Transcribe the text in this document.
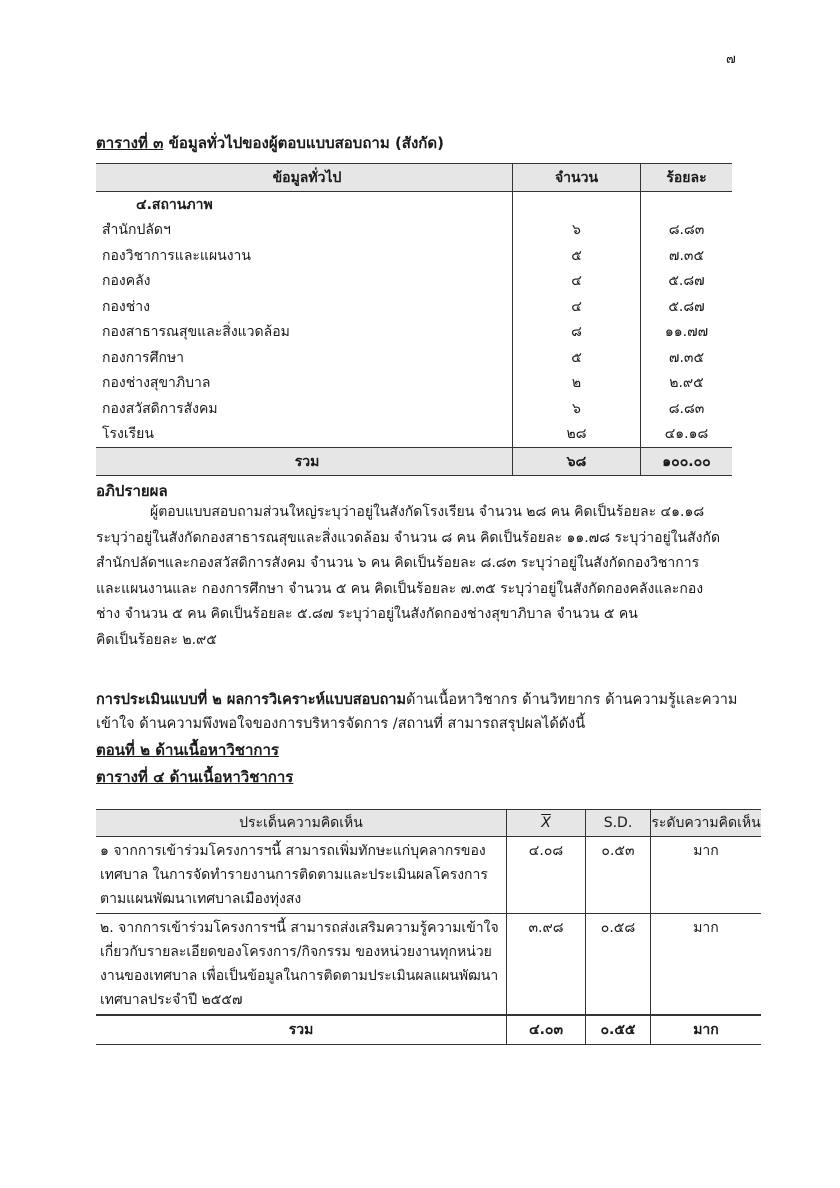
๗
ตารางที่ ๓ ข้อมูลทั่วไปของผู้ตอบแบบสอบถาม (สังกัด)
ข้อมูลทั่วไป	จำนวน	ร้อยละ
๔.สถานภาพ		
สำนักปลัดฯ	๖	๘.๘๓
กองวิชาการและแผนงาน	๕	๗.๓๕
กองคลัง	๔	๕.๘๗
กองช่าง	๔	๕.๘๗
กองสาธารณสุขและสิ่งแวดล้อม	๘	๑๑.๗๗
กองการศึกษา	๕	๗.๓๕
กองช่างสุขาภิบาล	๒	๒.๙๕
กองสวัสดิการสังคม	๖	๘.๘๓
โรงเรียน	๒๘	๔๑.๑๘
รวม	๖๘	๑๐๐.๐๐
อภิปรายผล
ผู้ตอบแบบสอบถามส่วนใหญ่ระบุว่าอยู่ในสังกัดโรงเรียน จำนวน ๒๘ คน คิดเป็นร้อยละ ๔๑.๑๘
ระบุว่าอยู่ในสังกัดกองสาธารณสุขและสิ่งแวดล้อม จำนวน ๘ คน คิดเป็นร้อยละ ๑๑.๗๘ ระบุว่าอยู่ในสังกัด
สำนักปลัดฯและกองสวัสดิการสังคม จำนวน ๖ คน คิดเป็นร้อยละ ๘.๘๓ ระบุว่าอยู่ในสังกัดกองวิชาการ
และแผนงานและ กองการศึกษา จำนวน ๕ คน คิดเป็นร้อยละ ๗.๓๕ ระบุว่าอยู่ในสังกัดกองคลังและกอง
ช่าง จำนวน ๕ คน คิดเป็นร้อยละ ๕.๘๗ ระบุว่าอยู่ในสังกัดกองช่างสุขาภิบาล จำนวน ๕ คน
คิดเป็นร้อยละ ๒.๙๕

การประเมินแบบที่ ๒ ผลการวิเคราะห์แบบสอบถามด้านเนื้อหาวิชากร ด้านวิทยากร ด้านความรู้และความเข้าใจ ด้านความพึงพอใจของการบริหารจัดการ /สถานที่ สามารถสรุปผลได้ดังนี้

ตอนที่ ๒ ด้านเนื้อหาวิชาการ
ตารางที่ ๔ ด้านเนื้อหาวิชาการ
ประเด็นความคิดเห็น	$\overline{X}$	S.D.	ระดับความคิดเห็น
๑ จากการเข้าร่วมโครงการฯนี้ สามารถเพิ่มทักษะแก่บุคลากรของเทศบาล ในการจัดทำรายงานการติดตามและประเมินผลโครงการตามแผนพัฒนาเทศบาลเมืองทุ่งสง	๔.๐๘	๐.๕๓	มาก
๒. จากการเข้าร่วมโครงการฯนี้ สามารถส่งเสริมความรู้ความเข้าใจเกี่ยวกับรายละเอียดของโครงการ/กิจกรรม ของหน่วยงานทุกหน่วยงานของเทศบาล เพื่อเป็นข้อมูลในการติดตามประเมินผลแผนพัฒนาเทศบาลประจำปี ๒๕๕๗	๓.๙๘	๐.๕๘	มาก
รวม	๔.๐๓	๐.๕๕	มาก
